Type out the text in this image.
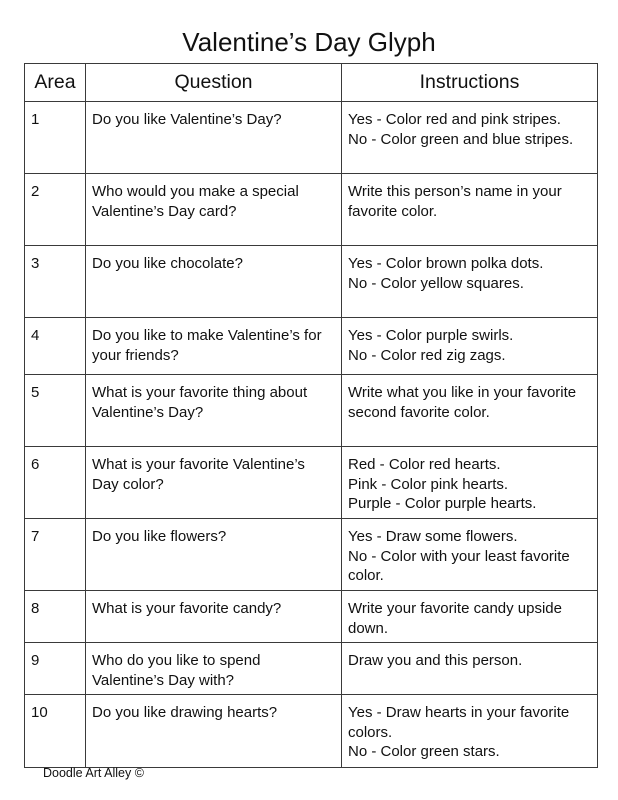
Valentine’s Day Glyph
Area	Question	Instructions
1	Do you like Valentine’s Day?	Yes - Color red and pink stripes.
No - Color green and blue stripes.

2	Who would you make a special
Valentine’s Day card?	Write this person’s name in your
favorite color.

3	Do you like chocolate?	Yes - Color brown polka dots.
No - Color yellow squares.

4	Do you like to make Valentine’s for
your friends?	Yes - Color purple swirls.
No - Color red zig zags.

5	What is your favorite thing about
Valentine’s Day?	Write what you like in your favorite
second favorite color.

6	What is your favorite Valentine’s
Day color?	Red - Color red hearts.
Pink - Color pink hearts.
Purple - Color purple hearts.

7	Do you like flowers?	Yes - Draw some flowers.
No - Color with your least favorite
color.

8	What is your favorite candy?	Write your favorite candy upside
down.

9	Who do you like to spend
Valentine’s Day with?	Draw you and this person.

10	Do you like drawing hearts?	Yes - Draw hearts in your favorite
colors.
No - Color green stars.
Doodle Art Alley ©
